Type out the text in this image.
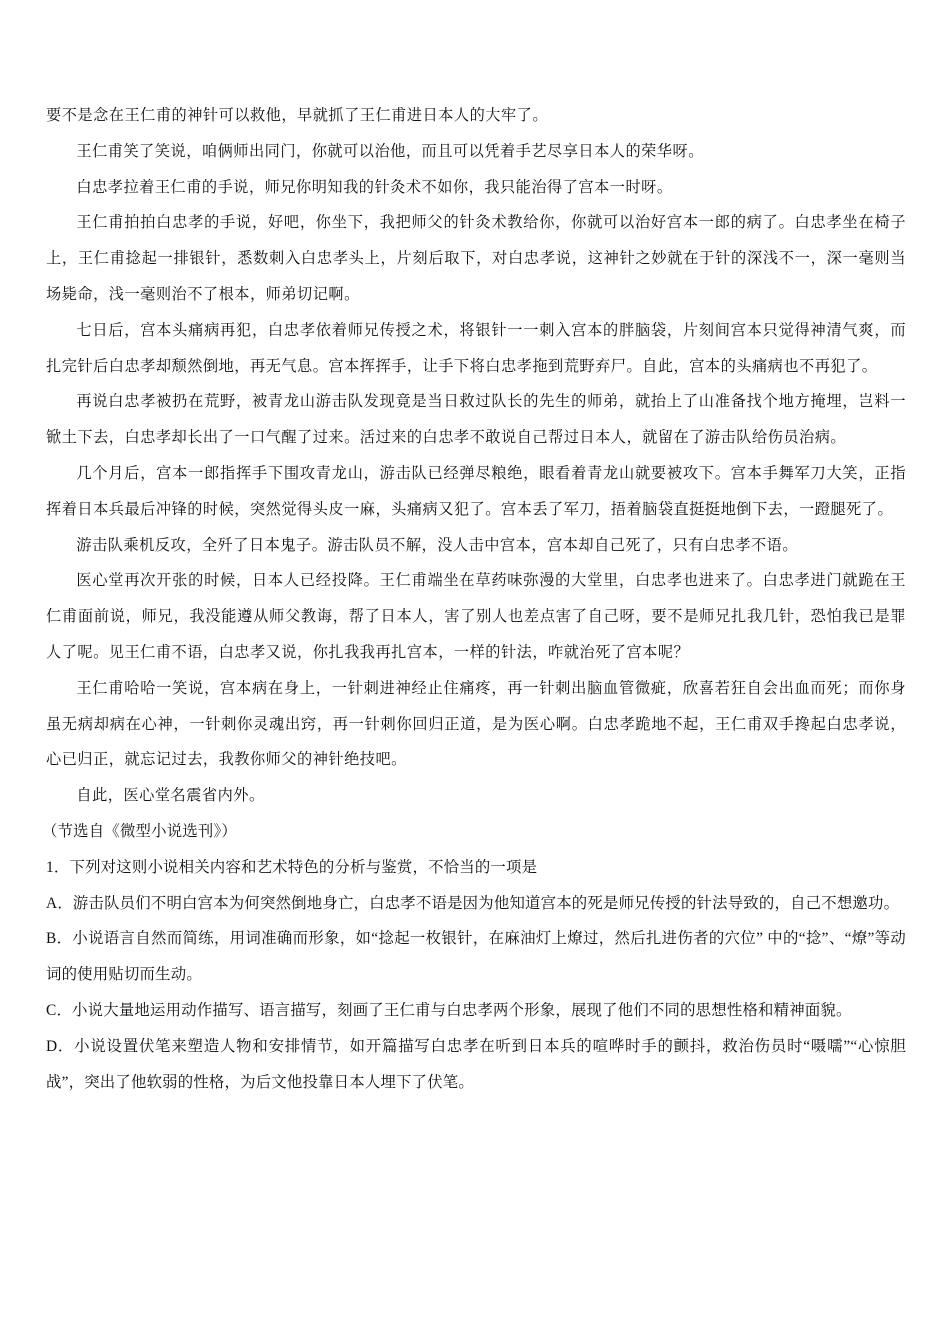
要不是念在王仁甫的神针可以救他，早就抓了王仁甫进日本人的大牢了。

王仁甫笑了笑说，咱俩师出同门，你就可以治他，而且可以凭着手艺尽享日本人的荣华呀。

白忠孝拉着王仁甫的手说，师兄你明知我的针灸术不如你，我只能治得了宫本一时呀。

王仁甫拍拍白忠孝的手说，好吧，你坐下，我把师父的针灸术教给你，你就可以治好宫本一郎的病了。白忠孝坐在椅子上，王仁甫捻起一排银针，悉数刺入白忠孝头上，片刻后取下，对白忠孝说，这神针之妙就在于针的深浅不一，深一毫则当场毙命，浅一毫则治不了根本，师弟切记啊。

七日后，宫本头痛病再犯，白忠孝依着师兄传授之术，将银针一一刺入宫本的胖脑袋，片刻间宫本只觉得神清气爽，而扎完针后白忠孝却颓然倒地，再无气息。宫本挥挥手，让手下将白忠孝拖到荒野弃尸。自此，宫本的头痛病也不再犯了。

再说白忠孝被扔在荒野，被青龙山游击队发现竟是当日救过队长的先生的师弟，就抬上了山准备找个地方掩埋，岂料一锨土下去，白忠孝却长出了一口气醒了过来。活过来的白忠孝不敢说自己帮过日本人，就留在了游击队给伤员治病。

几个月后，宫本一郎指挥手下围攻青龙山，游击队已经弹尽粮绝，眼看着青龙山就要被攻下。宫本手舞军刀大笑，正指挥着日本兵最后冲锋的时候，突然觉得头皮一麻，头痛病又犯了。宫本丢了军刀，捂着脑袋直挺挺地倒下去，一蹬腿死了。

游击队乘机反攻，全歼了日本鬼子。游击队员不解，没人击中宫本，宫本却自己死了，只有白忠孝不语。

医心堂再次开张的时候，日本人已经投降。王仁甫端坐在草药味弥漫的大堂里，白忠孝也进来了。白忠孝进门就跪在王仁甫面前说，师兄，我没能遵从师父教诲，帮了日本人，害了别人也差点害了自己呀，要不是师兄扎我几针，恐怕我已是罪人了呢。见王仁甫不语，白忠孝又说，你扎我我再扎宫本，一样的针法，咋就治死了宫本呢？

王仁甫哈哈一笑说，宫本病在身上，一针刺进神经止住痛疼，再一针刺出脑血管微疵，欣喜若狂自会出血而死；而你身虽无病却病在心神，一针刺你灵魂出窍，再一针刺你回归正道，是为医心啊。白忠孝跪地不起，王仁甫双手搀起白忠孝说，心已归正，就忘记过去，我教你师父的神针绝技吧。

自此，医心堂名震省内外。

（节选自《微型小说选刊》）

1．下列对这则小说相关内容和艺术特色的分析与鉴赏，不恰当的一项是

A．游击队员们不明白宫本为何突然倒地身亡，白忠孝不语是因为他知道宫本的死是师兄传授的针法导致的，自己不想邀功。

B．小说语言自然而简练，用词准确而形象，如“捻起一枚银针，在麻油灯上燎过，然后扎进伤者的穴位” 中的“捻”、“燎”等动词的使用贴切而生动。

C．小说大量地运用动作描写、语言描写，刻画了王仁甫与白忠孝两个形象，展现了他们不同的思想性格和精神面貌。

D．小说设置伏笔来塑造人物和安排情节，如开篇描写白忠孝在听到日本兵的喧哗时手的颤抖，救治伤员时“嗫嚅”“心惊胆战”，突出了他软弱的性格，为后文他投靠日本人埋下了伏笔。
